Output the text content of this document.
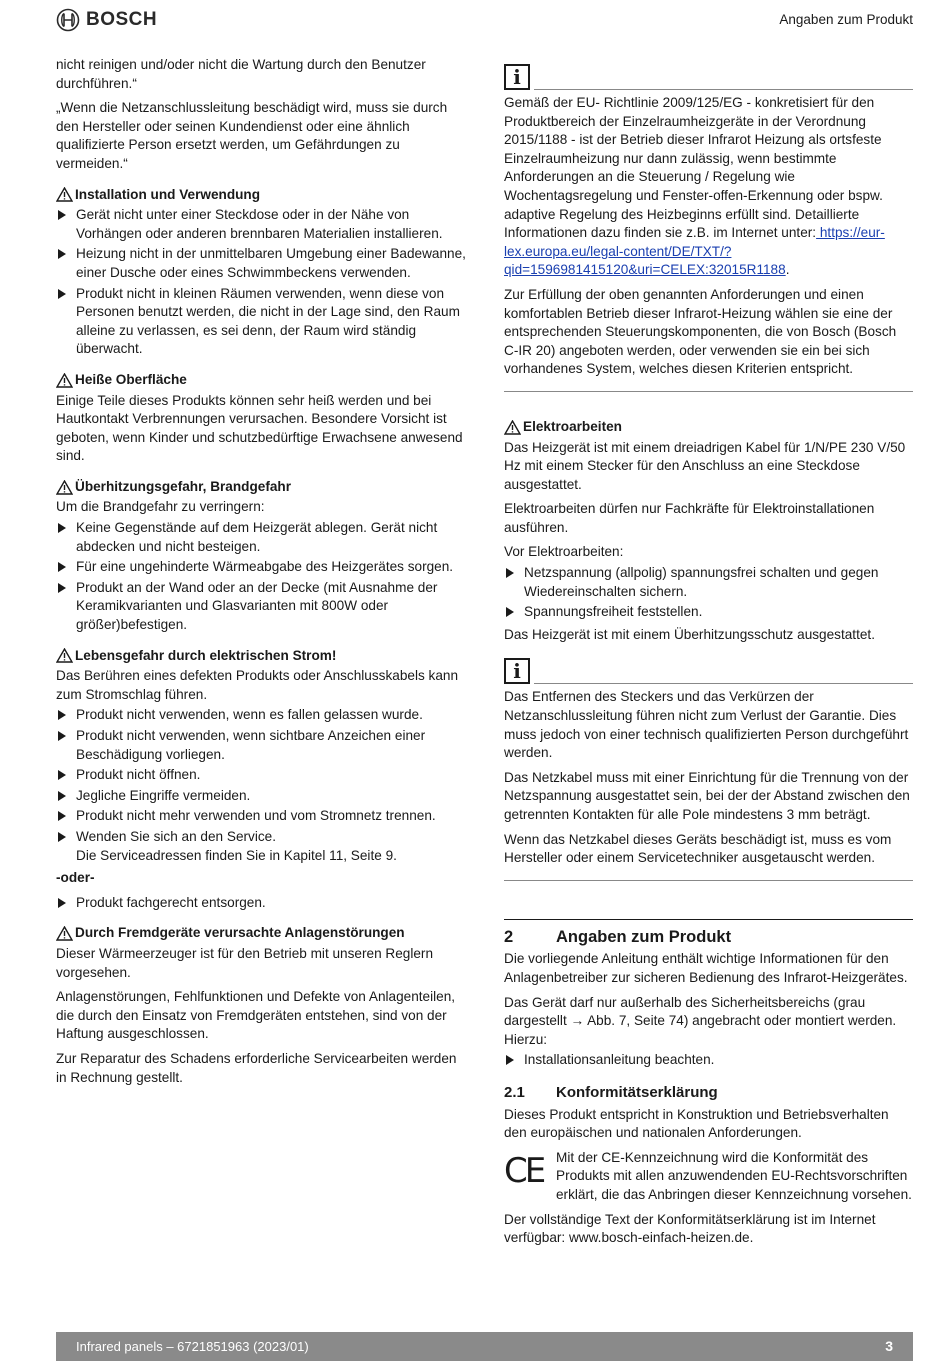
BOSCH	Angaben zum Produkt

nicht reinigen und/oder nicht die Wartung durch den Benutzer durchführen.“

„Wenn die Netzanschlussleitung beschädigt wird, muss sie durch den Hersteller oder seinen Kundendienst oder eine ähnlich qualifizierte Person ersetzt werden, um Gefährdungen zu vermeiden.“

Installation und Verwendung
Gerät nicht unter einer Steckdose oder in der Nähe von Vorhängen oder anderen brennbaren Materialien installieren.
Heizung nicht in der unmittelbaren Umgebung einer Badewanne, einer Dusche oder eines Schwimmbeckens verwenden.
Produkt nicht in kleinen Räumen verwenden, wenn diese von Personen benutzt werden, die nicht in der Lage sind, den Raum alleine zu verlassen, es sei denn, der Raum wird ständig überwacht.
Heiße Oberfläche

Einige Teile dieses Produkts können sehr heiß werden und bei Hautkontakt Verbrennungen verursachen. Besondere Vorsicht ist geboten, wenn Kinder und schutzbedürftige Erwachsene anwesend sind.

Überhitzungsgefahr, Brandgefahr

Um die Brandgefahr zu verringern:

Keine Gegenstände auf dem Heizgerät ablegen. Gerät nicht abdecken und nicht besteigen.
Für eine ungehinderte Wärmeabgabe des Heizgerätes sorgen.
Produkt an der Wand oder an der Decke (mit Ausnahme der Keramikvarianten und Glasvarianten mit 800W oder größer)befestigen.
Lebensgefahr durch elektrischen Strom!

Das Berühren eines defekten Produkts oder Anschlusskabels kann zum Stromschlag führen.

Produkt nicht verwenden, wenn es fallen gelassen wurde.
Produkt nicht verwenden, wenn sichtbare Anzeichen einer Beschädigung vorliegen.
Produkt nicht öffnen.
Jegliche Eingriffe vermeiden.
Produkt nicht mehr verwenden und vom Stromnetz trennen.
Wenden Sie sich an den Service.
Die Serviceadressen finden Sie in Kapitel 11, Seite 9.
-oder-
Produkt fachgerecht entsorgen.
Durch Fremdgeräte verursachte Anlagenstörungen

Dieser Wärmeerzeuger ist für den Betrieb mit unseren Reglern vorgesehen.

Anlagenstörungen, Fehlfunktionen und Defekte von Anlagenteilen, die durch den Einsatz von Fremdgeräten entstehen, sind von der Haftung ausgeschlossen.

Zur Reparatur des Schadens erforderliche Servicearbeiten werden in Rechnung gestellt.

i

Gemäß der EU- Richtlinie 2009/125/EG - konkretisiert für den Produktbereich der Einzelraumheizgeräte in der Verordnung 2015/1188 - ist der Betrieb dieser Infrarot Heizung als ortsfeste Einzelraumheizung nur dann zulässig, wenn bestimmte Anforderungen an die Steuerung / Regelung wie Wochentagsregelung und Fenster-offen-Erkennung oder bspw. adaptive Regelung des Heizbeginns erfüllt sind. Detaillierte Informationen dazu finden sie z.B. im Internet unter: https://eur-lex.europa.eu/legal-content/DE/TXT/?qid=1596981415120&uri=CELEX:32015R1188.

Zur Erfüllung der oben genannten Anforderungen und einen komfortablen Betrieb dieser Infrarot-Heizung wählen sie eine der entsprechenden Steuerungskomponenten, die von Bosch (Bosch C-IR 20) angeboten werden, oder verwenden sie ein bei sich vorhandenes System, welches diesen Kriterien entspricht.

Elektroarbeiten

Das Heizgerät ist mit einem dreiadrigen Kabel für 1/N/PE 230 V/50 Hz mit einem Stecker für den Anschluss an eine Steckdose ausgestattet.

Elektroarbeiten dürfen nur Fachkräfte für Elektroinstallationen ausführen.

Vor Elektroarbeiten:

Netzspannung (allpolig) spannungsfrei schalten und gegen Wiedereinschalten sichern.
Spannungsfreiheit feststellen.

Das Heizgerät ist mit einem Überhitzungsschutz ausgestattet.

i

Das Entfernen des Steckers und das Verkürzen der Netzanschlussleitung führen nicht zum Verlust der Garantie. Dies muss jedoch von einer technisch qualifizierten Person durchgeführt werden.

Das Netzkabel muss mit einer Einrichtung für die Trennung von der Netzspannung ausgestattet sein, bei der der Abstand zwischen den getrennten Kontakten für alle Pole mindestens 3 mm beträgt.

Wenn das Netzkabel dieses Geräts beschädigt ist, muss es vom Hersteller oder einem Servicetechniker ausgetauscht werden.

2	Angaben zum Produkt

Die vorliegende Anleitung enthält wichtige Informationen für den Anlagenbetreiber zur sicheren Bedienung des Infrarot-Heizgerätes.

Das Gerät darf nur außerhalb des Sicherheitsbereichs (grau dargestellt → Abb. 7, Seite 74) angebracht oder montiert werden.

Hierzu:

Installationsanleitung beachten.
2.1	Konformitätserklärung

Dieses Produkt entspricht in Konstruktion und Betriebsverhalten den europäischen und nationalen Anforderungen.

CE Mit der CE-Kennzeichnung wird die Konformität des Produkts mit allen anzuwendenden EU-Rechtsvorschriften erklärt, die das Anbringen dieser Kennzeichnung vorsehen.

Der vollständige Text der Konformitätserklärung ist im Internet verfügbar: www.bosch-einfach-heizen.de.

Infrared panels – 6721851963 (2023/01)	3
